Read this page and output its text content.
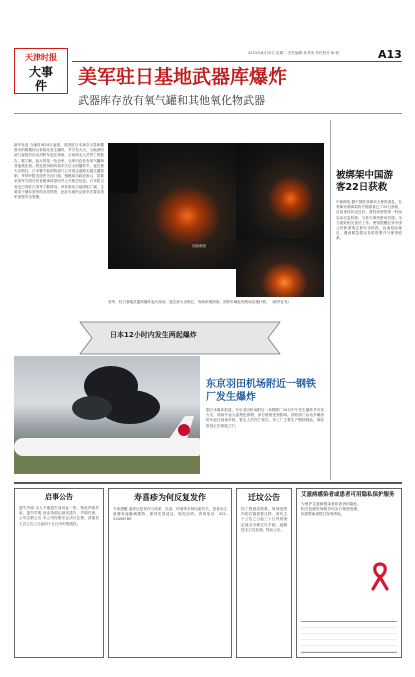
天津时报
大事件
2015年8月25日 星期二 责任编辑 孙秀美 责任校对 杨 帆	A13
美军驻日基地武器库爆炸
武器库存放有氧气罐和其他氧化物武器
新华社电 当地时间24日凌晨，美国驻日本神奈川县相模原市的相模综合补给站发生爆炸，并引发火灾。当地消防部门接报后出动消防车赶往现场，目前尚无人员伤亡的报告。据了解，起火的是一处仓库，仓库内存放有氧气罐和其他氧化物。附近居民称听到多次巨大的爆炸声，夜空被火光映红。日本警方和消防部门已对周边道路实施交通管制，并呼吁附近居民关闭门窗。相模原市政府表示，将要求美军方面尽快查明事故原因并公开相关信息。日本防卫省也已向驻日美军了解情况。该补给站占地面积广阔，主要用于储存美军的各类物资，此前当地民众曾多次要求美军加强安全管理。
视频截图
美军、驻日基地武器库爆炸起火现场，夜空被火光映红，现场浓烟滚滚。消防车辆赶到现场实施扑救。（新华社发）
日本12小时内发生两起爆炸
东京羽田机场附近一钢铁厂发生爆炸
据日本媒体报道，东京羽田机场附近一家钢铁厂24日中午发生爆炸并引发火灾，现场升起大量黑色浓烟，部分航班受到影响。消防部门出动多辆消防车赶往现场扑救，暂无人员伤亡报告。该工厂主要生产钢铁制品，事故原因正在调查之中。
被绑架中国游客22日获救
中新网电 据中国驻菲律宾大使馆消息，在菲律宾被绑架的中国游客已于22日获救，目前身体状况良好。我驻菲使馆第一时间启动应急机制，与菲方保持密切沟通，全力做好相关善后工作。使馆提醒在菲中国公民和游客注意安全防范，远离危险地区，遇到紧急情况及时报警并与使馆联系。
启事公告
遗失声明 本人不慎遗失身份证一张，特此声明作废。遗失声明 营业执照正副本遗失，声明作废。公司注销公告 本公司经股东会决议注销，请债权人自公告之日起四十五日内申报债权。
寿喜疹为何反复发作
专家提醒 湿疹反复发作与体质、饮食、环境等多种因素有关，患者应注意避免接触刺激物，保持皮肤清洁，规范用药。咨询电话：022-23456789
迁坟公告
因工程建设需要，规划范围内的坟墓需要迁移，请坟主于公告之日起三十日内到指定地点办理迁坟手续，逾期按无主坟处理。特此公告。
艾滋病感染者或患者可用隐私保护服务
为保护艾滋病感染者和患者的隐私，相关检测咨询服务均实行保密管理，如需帮助请拨打咨询热线。
